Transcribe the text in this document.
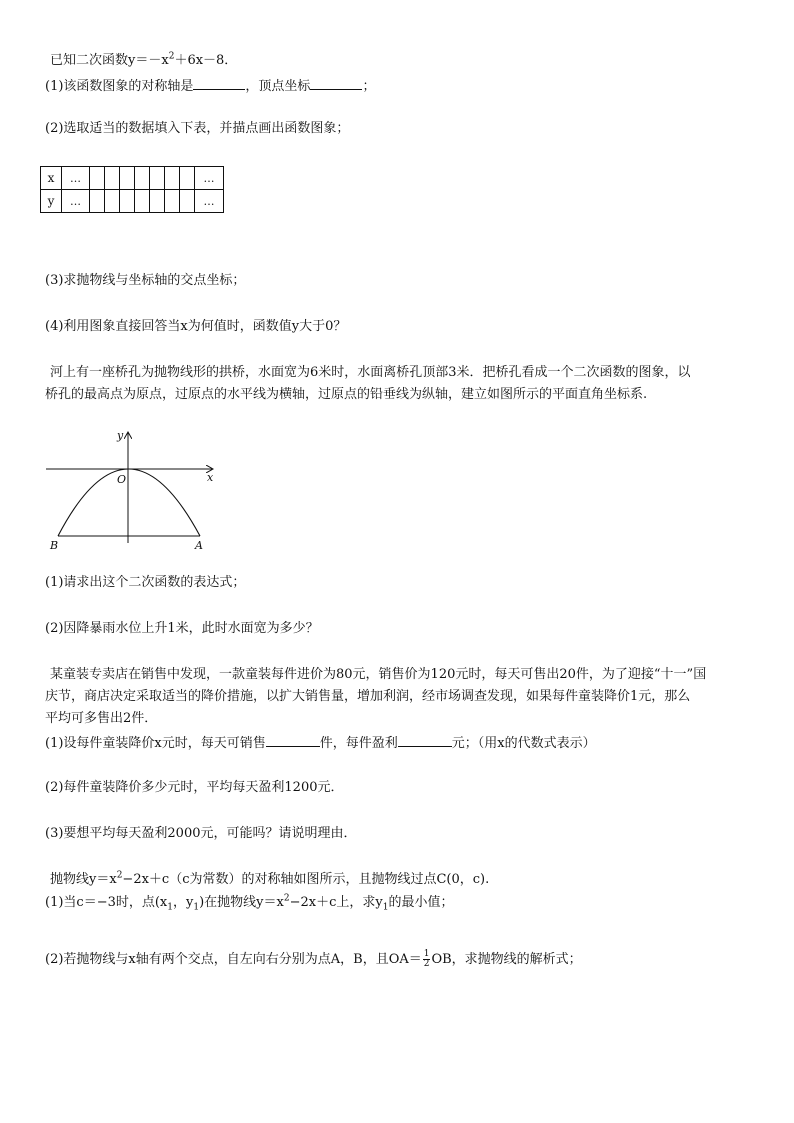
已知二次函数$y=-x^2+6x-8$．
(1)该函数图象的对称轴是	，顶点坐标	；
(2)选取适当的数据填入下表，并描点画出函数图象；
x	…								…
y	…								…
(3)求抛物线与坐标轴的交点坐标；
(4)利用图象直接回答当x为何值时，函数值y大于0？
河上有一座桥孔为抛物线形的拱桥，水面宽为6米时，水面离桥孔顶部3米．把桥孔看成一个二次函数的图象，以
桥孔的最高点为原点，过原点的水平线为横轴，过原点的铅垂线为纵轴，建立如图所示的平面直角坐标系.
y
x
O
B	A
(1)请求出这个二次函数的表达式；
(2)因降暴雨水位上升1米，此时水面宽为多少？
某童装专卖店在销售中发现，一款童装每件进价为80元，销售价为120元时，每天可售出20件，为了迎接“十一”国
庆节，商店决定采取适当的降价措施，以扩大销售量，增加利润，经市场调查发现，如果每件童装降价1元，那么
平均可多售出2件．
(1)设每件童装降价x元时，每天可销售	件，每件盈利	元；（用x的代数式表示）
(2)每件童装降价多少元时，平均每天盈利1200元．
(3)要想平均每天盈利2000元，可能吗？请说明理由．
抛物线$y=x^2-2x+c(c$为常数）的对称轴如图所示，且抛物线过点C(0，c).
(1)当c＝−3时，点($x_1$，$y_1$)在抛物线$y=x^2-2x+c$上，求$y_1$的最小值；
(2)若抛物线与x轴有两个交点，自左向右分别为点A，B，且$OA= \frac{1}{2}$ OB，求抛物线的解析式；
